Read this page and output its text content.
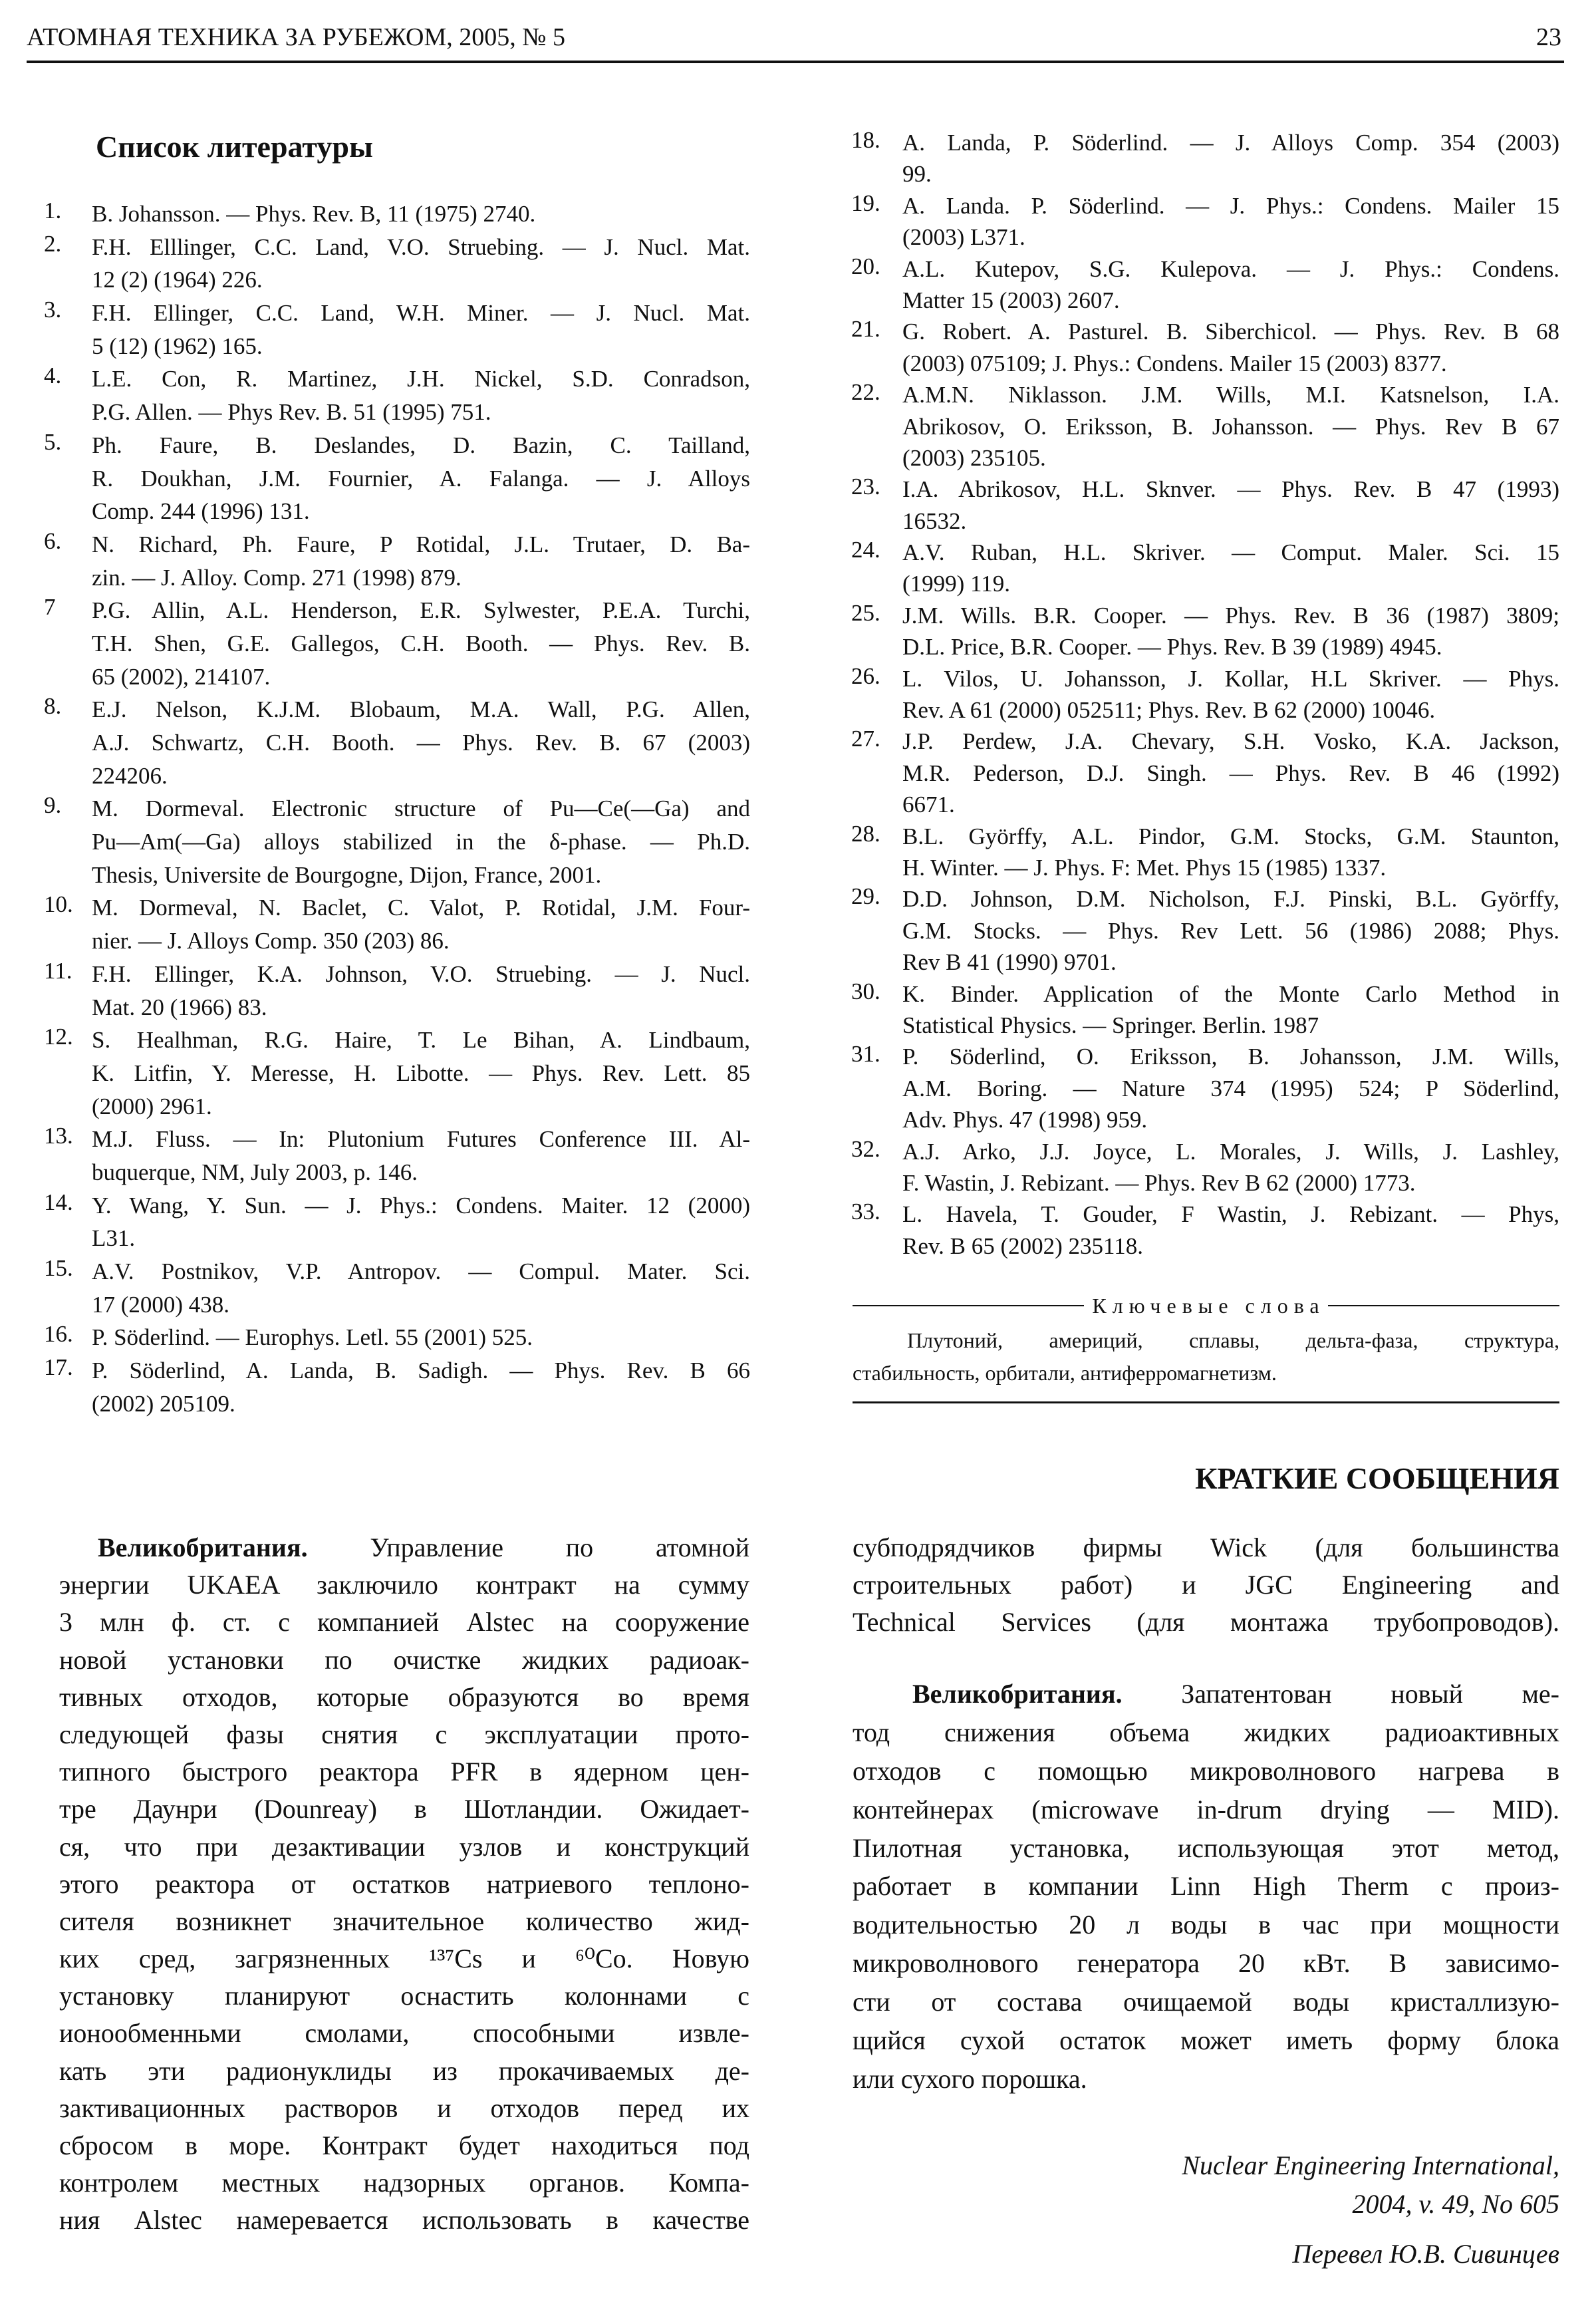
АТОМНАЯ ТЕХНИКА ЗА РУБЕЖОМ, 2005, № 5	23
Список литературы
1. B. Johansson. — Phys. Rev. B, 11 (1975) 2740.
2. F.H. Elllinger, C.C. Land, V.O. Struebing. — J. Nucl. Mat.
12 (2) (1964) 226.
3. F.H. Ellinger, C.C. Land, W.H. Miner. — J. Nucl. Mat.
5 (12) (1962) 165.
4. L.E. Con, R. Martinez, J.H. Nickel, S.D. Conradson,
P.G. Allen. — Phys Rev. B. 51 (1995) 751.
5. Ph. Faure, B. Deslandes, D. Bazin, C. Tailland,
R. Doukhan, J.M. Fournier, A. Falanga. — J. Alloys
Comp. 244 (1996) 131.
6. N. Richard, Ph. Faure, P Rotidal, J.L. Trutaer, D. Ba-
zin. — J. Alloy. Comp. 271 (1998) 879.
7 P.G. Allin, A.L. Henderson, E.R. Sylwester, P.E.A. Turchi,
T.H. Shen, G.E. Gallegos, C.H. Booth. — Phys. Rev. B.
65 (2002), 214107.
8. E.J. Nelson, K.J.M. Blobaum, M.A. Wall, P.G. Allen,
A.J. Schwartz, C.H. Booth. — Phys. Rev. B. 67 (2003)
224206.
9. M. Dormeval. Electronic structure of Pu—Ce(—Ga) and
Pu—Am(—Ga) alloys stabilized in the δ-phase. — Ph.D.
Thesis, Universite de Bourgogne, Dijon, France, 2001.
10. M. Dormeval, N. Baclet, C. Valot, P. Rotidal, J.M. Four-
nier. — J. Alloys Comp. 350 (203) 86.
11. F.H. Ellinger, K.A. Johnson, V.O. Struebing. — J. Nucl.
Mat. 20 (1966) 83.
12. S. Healhman, R.G. Haire, T. Le Bihan, A. Lindbaum,
K. Litfin, Y. Meresse, H. Libotte. — Phys. Rev. Lett. 85
(2000) 2961.
13. M.J. Fluss. — In: Plutonium Futures Conference III. Al-
buquerque, NM, July 2003, p. 146.
14. Y. Wang, Y. Sun. — J. Phys.: Condens. Maiter. 12 (2000)
L31.
15. A.V. Postnikov, V.P. Antropov. — Compul. Mater. Sci.
17 (2000) 438.
16. P. Söderlind. — Europhys. Letl. 55 (2001) 525.
17. P. Söderlind, A. Landa, B. Sadigh. — Phys. Rev. B 66
(2002) 205109.
18. A. Landa, P. Söderlind. — J. Alloys Comp. 354 (2003)
99.
19. A. Landa. P. Söderlind. — J. Phys.: Condens. Mailer 15
(2003) L371.
20. A.L. Kutepov, S.G. Kulepova. — J. Phys.: Condens.
Matter 15 (2003) 2607.
21. G. Robert. A. Pasturel. B. Siberchicol. — Phys. Rev. B 68
(2003) 075109; J. Phys.: Condens. Mailer 15 (2003) 8377.
22. A.M.N. Niklasson. J.M. Wills, M.I. Katsnelson, I.A.
Abrikosov, O. Eriksson, B. Johansson. — Phys. Rev B 67
(2003) 235105.
23. I.A. Abrikosov, H.L. Sknver. — Phys. Rev. B 47 (1993)
16532.
24. A.V. Ruban, H.L. Skriver. — Comput. Maler. Sci. 15
(1999) 119.
25. J.M. Wills. B.R. Cooper. — Phys. Rev. B 36 (1987) 3809;
D.L. Price, B.R. Cooper. — Phys. Rev. B 39 (1989) 4945.
26. L. Vilos, U. Johansson, J. Kollar, H.L Skriver. — Phys.
Rev. A 61 (2000) 052511; Phys. Rev. B 62 (2000) 10046.
27. J.P. Perdew, J.A. Chevary, S.H. Vosko, K.A. Jackson,
M.R. Pederson, D.J. Singh. — Phys. Rev. B 46 (1992)
6671.
28. B.L. Györffy, A.L. Pindor, G.M. Stocks, G.M. Staunton,
H. Winter. — J. Phys. F: Met. Phys 15 (1985) 1337.
29. D.D. Johnson, D.M. Nicholson, F.J. Pinski, B.L. Györffy,
G.M. Stocks. — Phys. Rev Lett. 56 (1986) 2088; Phys.
Rev B 41 (1990) 9701.
30. K. Binder. Application of the Monte Carlo Method in
Statistical Physics. — Springer. Berlin. 1987
31. P. Söderlind, O. Eriksson, B. Johansson, J.M. Wills,
A.M. Boring. — Nature 374 (1995) 524; P Söderlind,
Adv. Phys. 47 (1998) 959.
32. A.J. Arko, J.J. Joyce, L. Morales, J. Wills, J. Lashley,
F. Wastin, J. Rebizant. — Phys. Rev B 62 (2000) 1773.
33. L. Havela, T. Gouder, F Wastin, J. Rebizant. — Phys,
Rev. B 65 (2002) 235118.
Ключевые слова
Плутоний, америций, сплавы, дельта-фаза, структура,
стабильность, орбитали, антиферромагнетизм.
КРАТКИЕ СООБЩЕНИЯ
Великобритания. Управление по атомной
энергии UKAEA заключило контракт на сумму
3 млн ф. ст. с компанией Alstec на сооружение
новой установки по очистке жидких радиоак-
тивных отходов, которые образуются во время
следующей фазы снятия с эксплуатации прото-
типного быстрого реактора PFR в ядерном цен-
тре Даунри (Dounreay) в Шотландии. Ожидает-
ся, что при дезактивации узлов и конструкций
этого реактора от остатков натриевого теплоно-
сителя возникнет значительное количество жид-
ких сред, загрязненных ¹³⁷Cs и ⁶⁰Co. Новую
установку планируют оснастить колоннами с
ионообменньми смолами, способными извле-
кать эти радионуклиды из прокачиваемых де-
зактивационных растворов и отходов перед их
сбросом в море. Контракт будет находиться под
контролем местных надзорных органов. Компа-
ния Alstec намеревается использовать в качестве
субподрядчиков фирмы Wick (для большинства
строительных работ) и JGC Engineering and
Technical Services (для монтажа трубопроводов).
Великобритания. Запатентован новый ме-
тод снижения объема жидких радиоактивных
отходов с помощью микроволнового нагрева в
контейнерах (microwave in-drum drying — MID).
Пилотная установка, использующая этот метод,
работает в компании Linn High Therm с произ-
водительностью 20 л воды в час при мощности
микроволнового генератора 20 кВт. В зависимо-
сти от состава очищаемой воды кристаллизую-
щийся сухой остаток может иметь форму блока
или сухого порошка.
Nuclear Engineering International,
2004, v. 49, No 605
Перевел Ю.В. Сивинцев
